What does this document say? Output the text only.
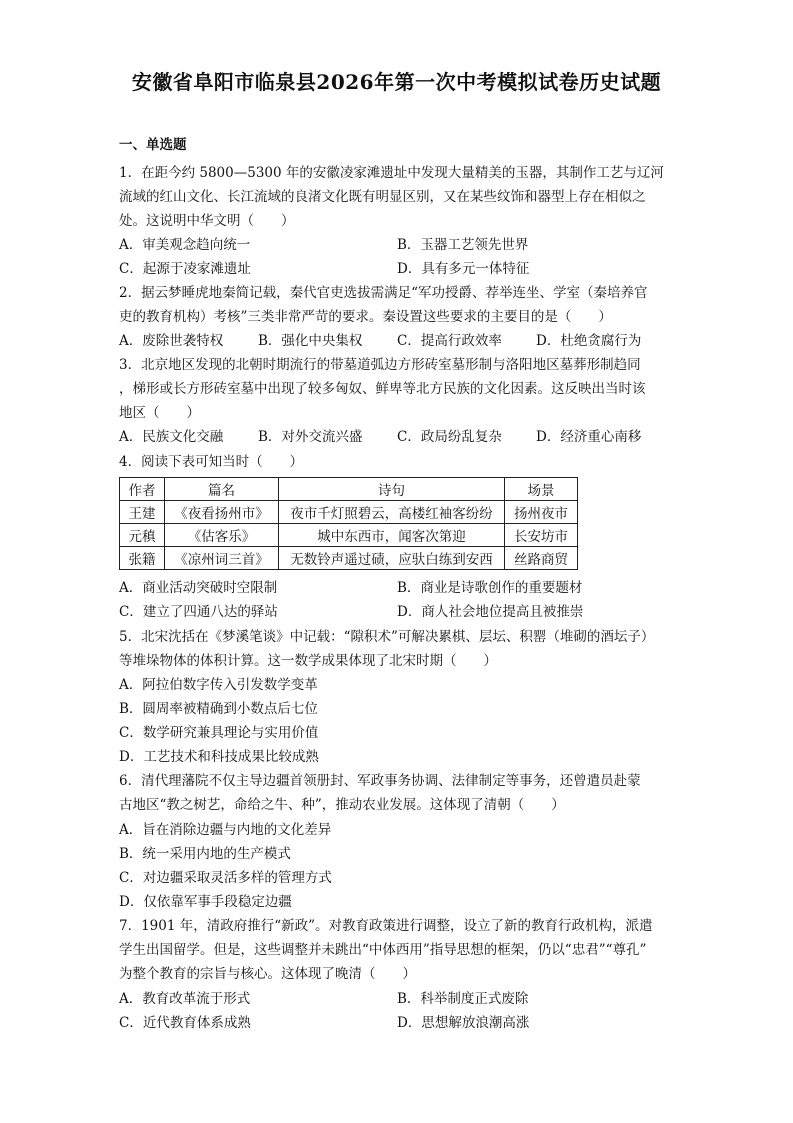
安徽省阜阳市临泉县2026年第一次中考模拟试卷历史试题
一、单选题

1．在距今约 5800—5300 年的安徽凌家滩遗址中发现大量精美的玉器，其制作工艺与辽河

流域的红山文化、长江流域的良渚文化既有明显区别，又在某些纹饰和器型上存在相似之

处。这说明中华文明（　　）

A．审美观念趋向统一	B．玉器工艺领先世界
C．起源于凌家滩遗址	D．具有多元一体特征

2．据云梦睡虎地秦简记载，秦代官吏选拔需满足“军功授爵、荐举连坐、学室（秦培养官

吏的教育机构）考核”三类非常严苛的要求。秦设置这些要求的主要目的是（　　）

A．废除世袭特权	B．强化中央集权	C．提高行政效率	D．杜绝贪腐行为

3．北京地区发现的北朝时期流行的带墓道弧边方形砖室墓形制与洛阳地区墓葬形制趋同

，梯形或长方形砖室墓中出现了较多匈奴、鲜卑等北方民族的文化因素。这反映出当时该

地区（　　）

A．民族文化交融	B．对外交流兴盛	C．政局纷乱复杂	D．经济重心南移

4．阅读下表可知当时（　　）

作者	篇名	诗句	场景
王建	《夜看扬州市》	夜市千灯照碧云，高楼红袖客纷纷	扬州夜市
元稹	《估客乐》	城中东西市，闻客次第迎	长安坊市
张籍	《凉州词三首》	无数铃声遥过碛，应驮白练到安西	丝路商贸
A．商业活动突破时空限制	B．商业是诗歌创作的重要题材
C．建立了四通八达的驿站	D．商人社会地位提高且被推崇

5．北宋沈括在《梦溪笔谈》中记载：“隙积术”可解决累棋、层坛、积罂（堆砌的酒坛子）

等堆垛物体的体积计算。这一数学成果体现了北宋时期（　　）

A．阿拉伯数字传入引发数学变革
B．圆周率被精确到小数点后七位
C．数学研究兼具理论与实用价值
D．工艺技术和科技成果比较成熟

6．清代理藩院不仅主导边疆首领册封、军政事务协调、法律制定等事务，还曾遣员赴蒙

古地区“教之树艺，命给之牛、种”，推动农业发展。这体现了清朝（　　）

A．旨在消除边疆与内地的文化差异
B．统一采用内地的生产模式
C．对边疆采取灵活多样的管理方式
D．仅依靠军事手段稳定边疆

7．1901 年，清政府推行“新政”。对教育政策进行调整，设立了新的教育行政机构，派遣

学生出国留学。但是，这些调整并未跳出“中体西用”指导思想的框架，仍以“忠君”“尊孔”

为整个教育的宗旨与核心。这体现了晚清（　　）

A．教育改革流于形式	B．科举制度正式废除
C．近代教育体系成熟	D．思想解放浪潮高涨
